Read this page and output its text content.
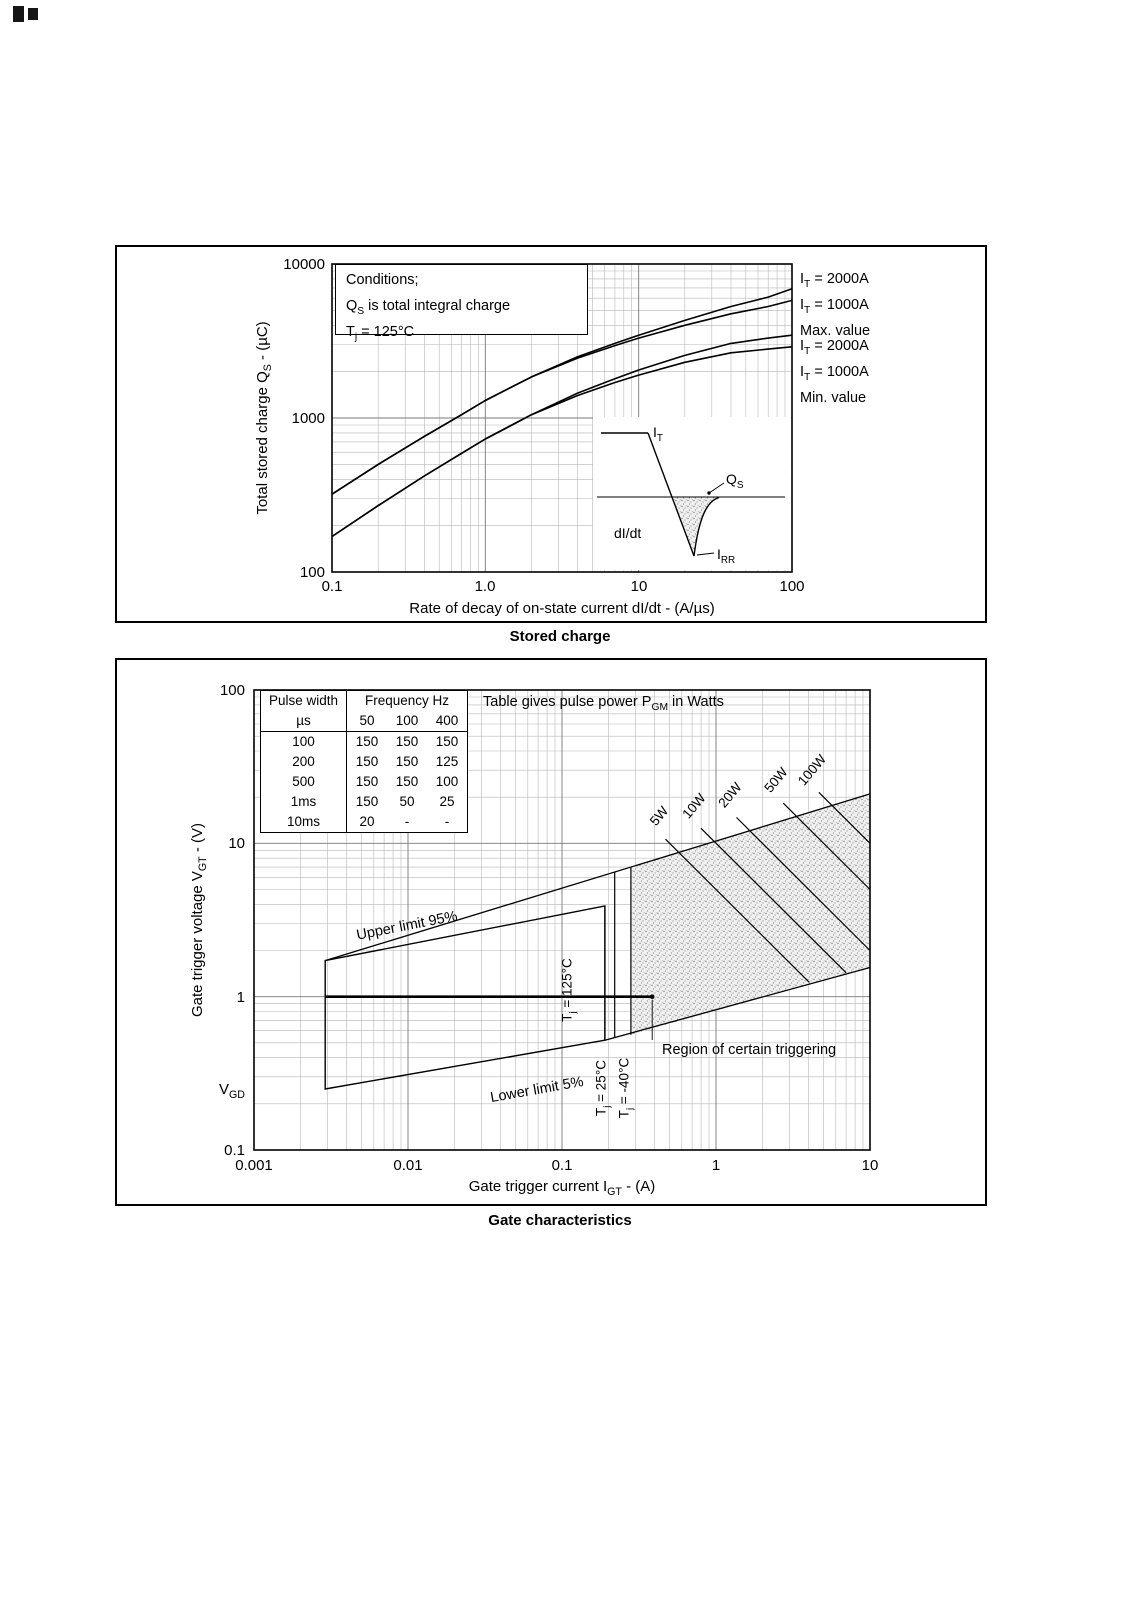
Conditions;
$Q_S$ is total integral charge
$T_j = 125^\circ C$
$I_T = 2000A$
$I_T = 1000A$
Max. value
$I_T = 2000A$
$I_T = 1000A$
Min. value
$I_T$
$Q_S$
dI/dt
$I_{RR}$
0.1	1.0	10	100
10000
1000
100
Rate of decay of on-state current dI/dt - (A/µs)
Total stored charge $Q_S - (\mu C)$
Stored charge
Pulse width	Frequency Hz		
µs	50	100	400
100	150	150	150
200	150	150	125
500	150	150	100
1ms	150	50	25
10ms	20	-	-
Table gives pulse power $P_{GM}$ in Watts
5W 10W 20W 50W 100W
Upper limit 95%
Lower limit 5%
$T_j = 125^\circ C$
$T_j = 25^\circ C$
$T_j = -40^\circ C$
Region of certain triggering
$V_{GD}$
0.001	0.01	0.1	1	10
100
10
1
0.1
Gate trigger current $I_{GT} - (A)$
Gate trigger voltage $V_{GT} - (V)$
Gate characteristics
